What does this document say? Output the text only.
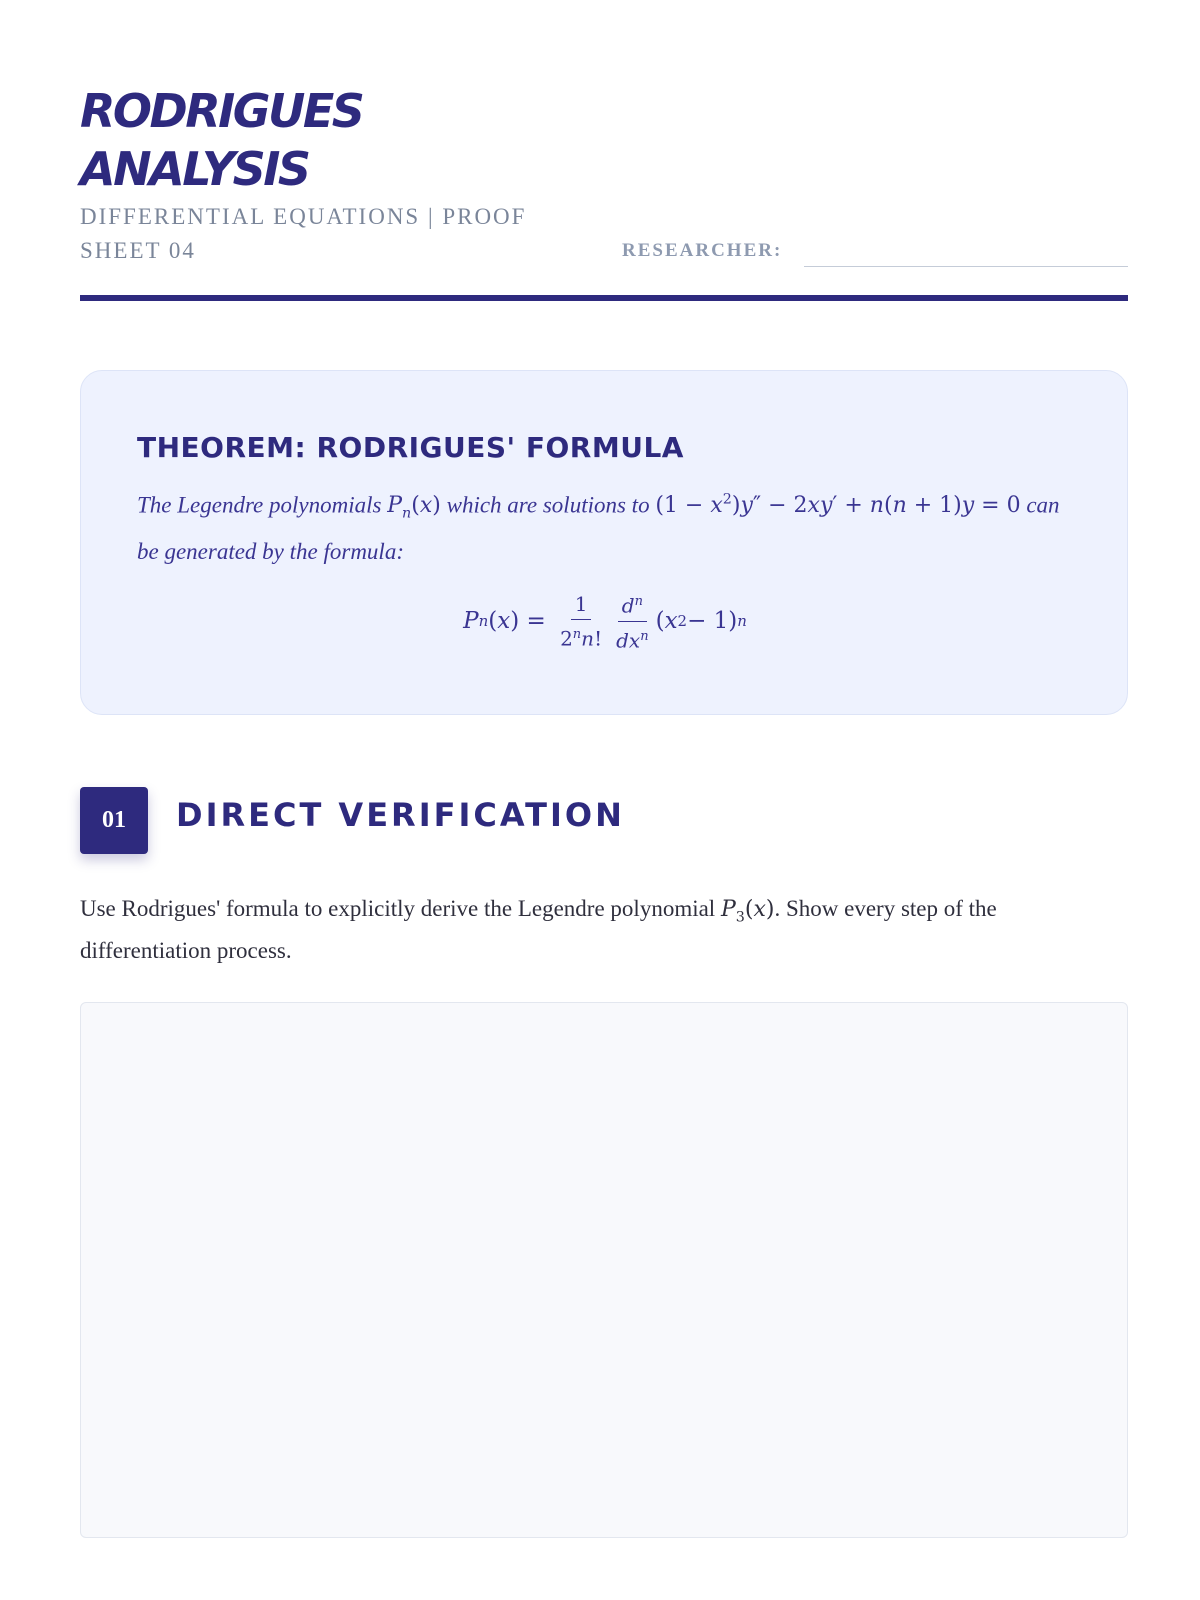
RODRIGUES
ANALYSIS
DIFFERENTIAL EQUATIONS | PROOF SHEET 04	RESEARCHER:
THEOREM: RODRIGUES' FORMULA
The Legendre polynomials $P_n(x)$ which are solutions to $(1 - x^2)y'' - 2xy' + n(n + 1)y = 0$ can be generated by the formula:
P n ( x ) = $\frac{1}{2^nn!} \frac{d^n}{dx^n}$ ( x 2 − 1) n
01	DIRECT VERIFICATION
Use Rodrigues' formula to explicitly derive the Legendre polynomial $P_3(x)$. Show every step of the differentiation process.
